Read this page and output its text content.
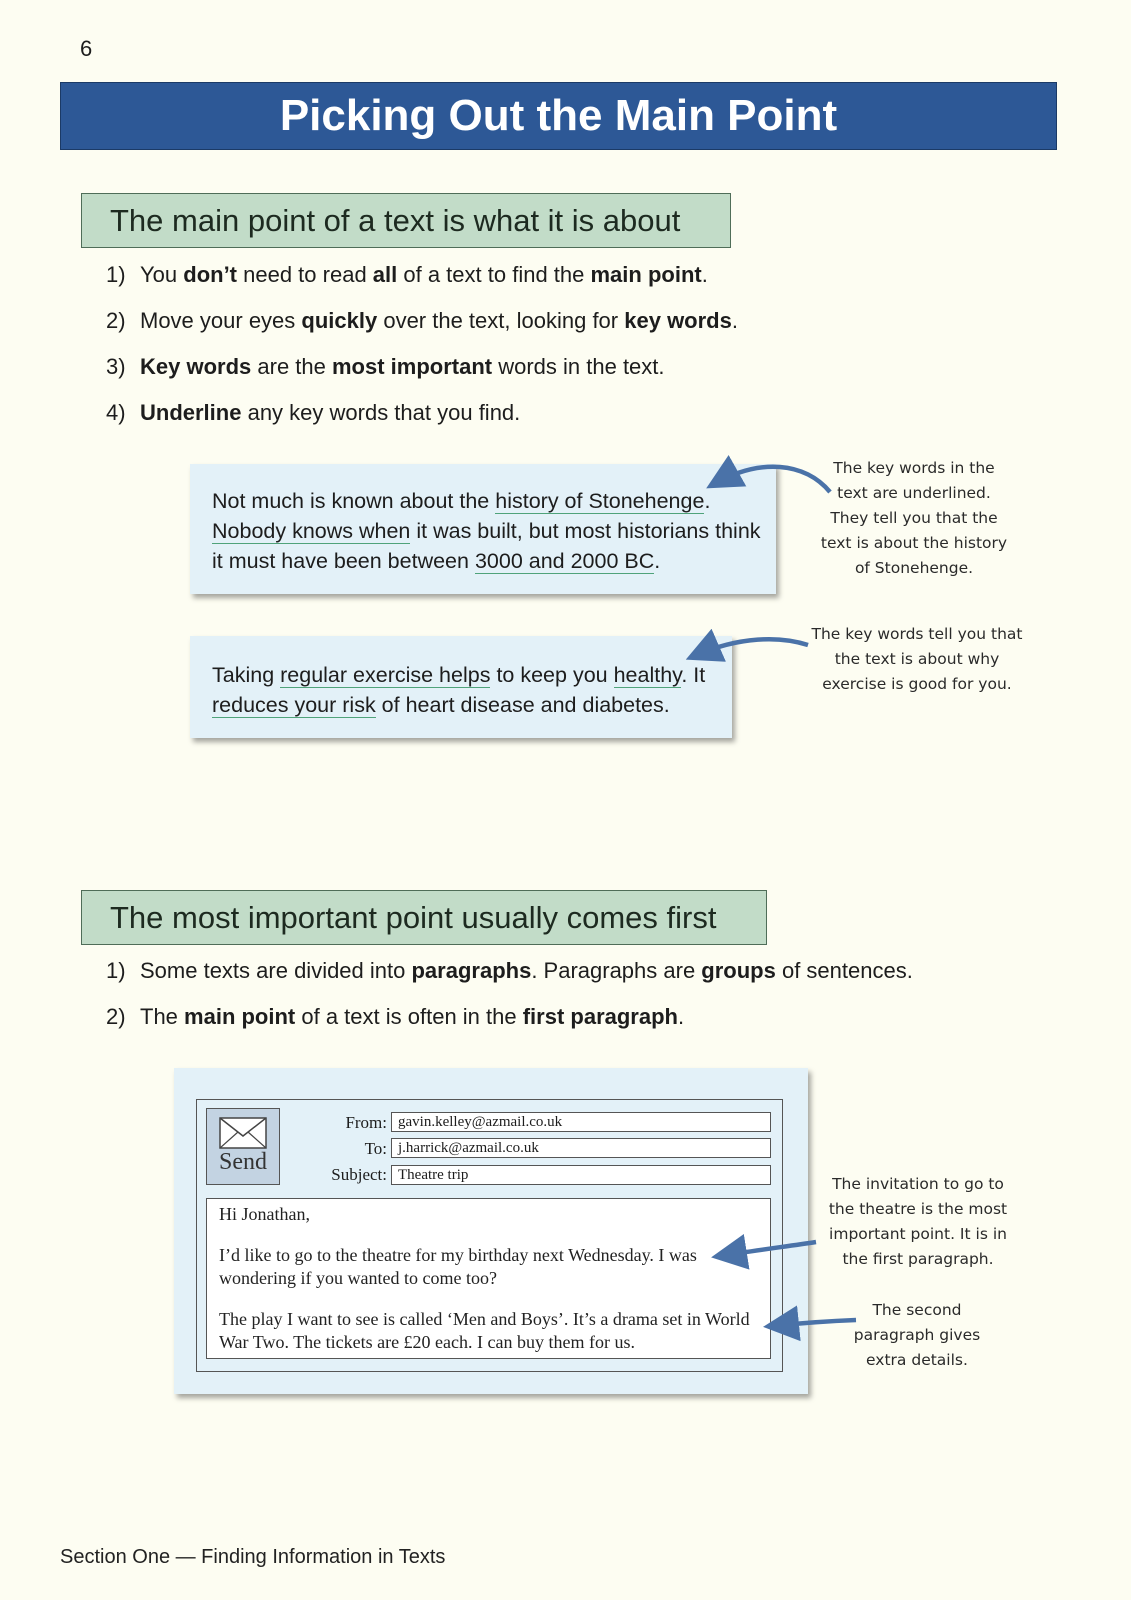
6
Picking Out the Main Point
The main point of a text is what it is about
1) You don’t need to read all of a text to find the main point.
2) Move your eyes quickly over the text, looking for key words.
3) Key words are the most important words in the text.
4) Underline any key words that you find.
Not much is known about the history of Stonehenge.
Nobody knows when it was built, but most historians think it must have been between 3000 and 2000 BC.
The key words in the text are underlined. They tell you that the text is about the history of Stonehenge.
Taking regular exercise helps to keep you healthy. It reduces your risk of heart disease and diabetes.
The key words tell you that the text is about why exercise is good for you.
The most important point usually comes first
1) Some texts are divided into paragraphs. Paragraphs are groups of sentences.
2) The main point of a text is often in the first paragraph.
Send
From: gavin.kelley@azmail.co.uk
To: j.harrick@azmail.co.uk
Subject: Theatre trip

Hi Jonathan,

I’d like to go to the theatre for my birthday next Wednesday. I was wondering if you wanted to come too?

The play I want to see is called ‘Men and Boys’. It’s a drama set in World War Two. The tickets are £20 each. I can buy them for us.

The invitation to go to the theatre is the most important point. It is in the first paragraph.
The second paragraph gives extra details.
Section One — Finding Information in Texts
